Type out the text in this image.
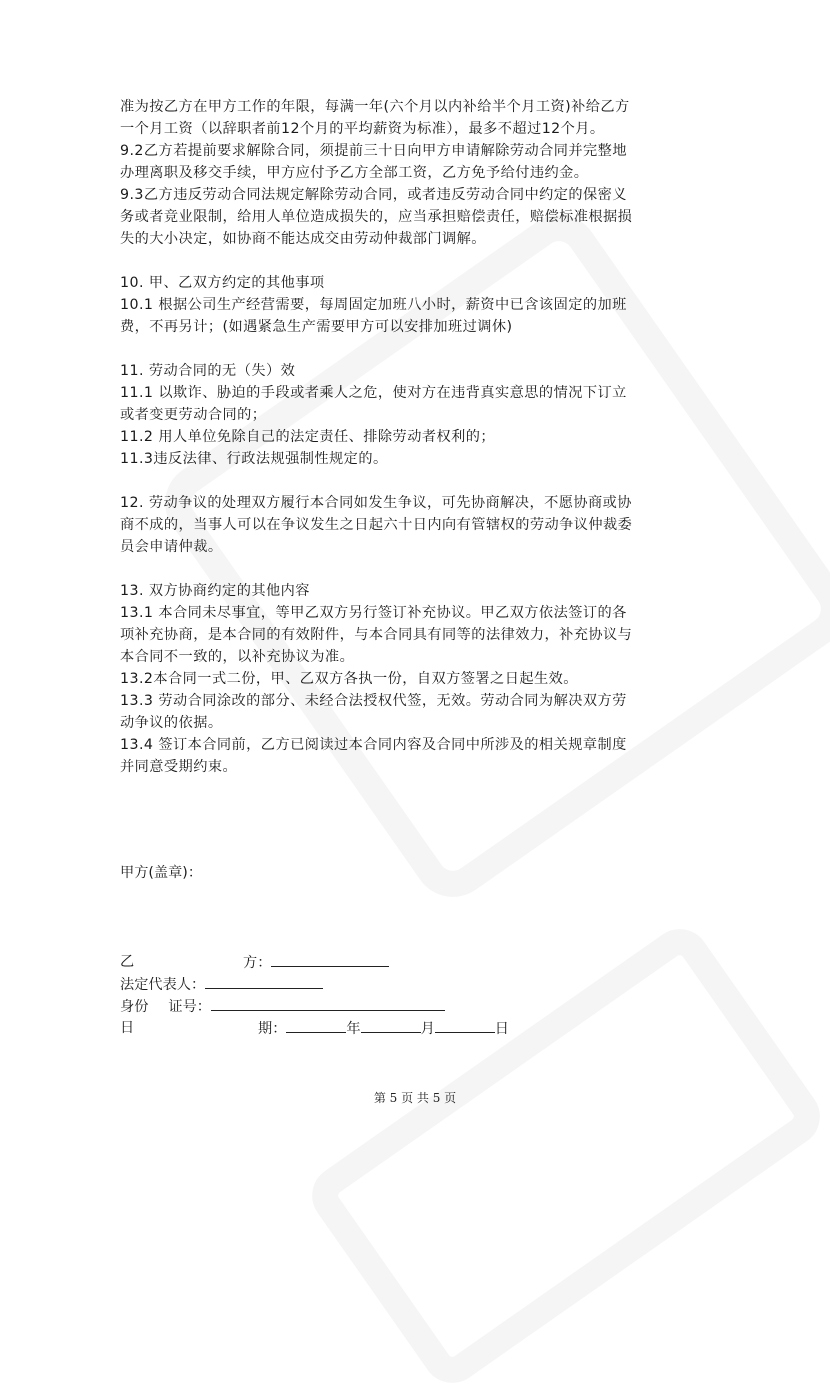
准为按乙方在甲方工作的年限，每满一年(六个月以内补给半个月工资)补给乙方
一个月工资（以辞职者前12个月的平均薪资为标准），最多不超过12个月。
9.2乙方若提前要求解除合同，须提前三十日向甲方申请解除劳动合同并完整地
办理离职及移交手续，甲方应付予乙方全部工资，乙方免予给付违约金。
9.3乙方违反劳动合同法规定解除劳动合同，或者违反劳动合同中约定的保密义
务或者竞业限制，给用人单位造成损失的，应当承担赔偿责任，赔偿标准根据损
失的大小决定，如协商不能达成交由劳动仲裁部门调解。
10. 甲、乙双方约定的其他事项
10.1 根据公司生产经营需要，每周固定加班八小时，薪资中已含该固定的加班
费，不再另计；(如遇紧急生产需要甲方可以安排加班过调休)
11. 劳动合同的无（失）效
11.1 以欺诈、胁迫的手段或者乘人之危，使对方在违背真实意思的情况下订立
或者变更劳动合同的；
11.2 用人单位免除自己的法定责任、排除劳动者权利的；
11.3违反法律、行政法规强制性规定的。
12. 劳动争议的处理双方履行本合同如发生争议，可先协商解决，不愿协商或协
商不成的，当事人可以在争议发生之日起六十日内向有管辖权的劳动争议仲裁委
员会申请仲裁。
13. 双方协商约定的其他内容
13.1 本合同未尽事宜，等甲乙双方另行签订补充协议。甲乙双方依法签订的各
项补充协商，是本合同的有效附件，与本合同具有同等的法律效力，补充协议与
本合同不一致的，以补充协议为准。
13.2本合同一式二份，甲、乙双方各执一份，自双方签署之日起生效。
13.3 劳动合同涂改的部分、未经合法授权代签，无效。劳动合同为解决双方劳
动争议的依据。
13.4 签订本合同前，乙方已阅读过本合同内容及合同中所涉及的相关规章制度
并同意受期约束。
甲方(盖章)：
乙	方：
法定代表人：
身份 证号：
日	期：	年	月	日
第 5 页 共 5 页
